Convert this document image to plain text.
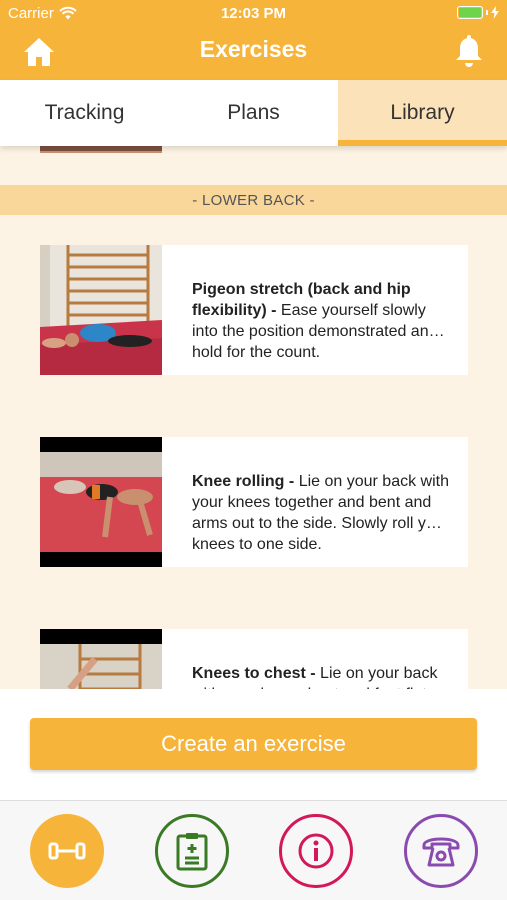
Carrier	12:03 PM
Exercises
Tracking	Plans	Library
- LOWER BACK -
Pigeon stretch (back and hip flexibility) - Ease yourself slowly into the position demonstrated and hold for the count.
Knee rolling - Lie on your back with your knees together and bent and arms out to the side. Slowly roll your knees to one side.
Knees to chest - Lie on your back
Create an exercise
